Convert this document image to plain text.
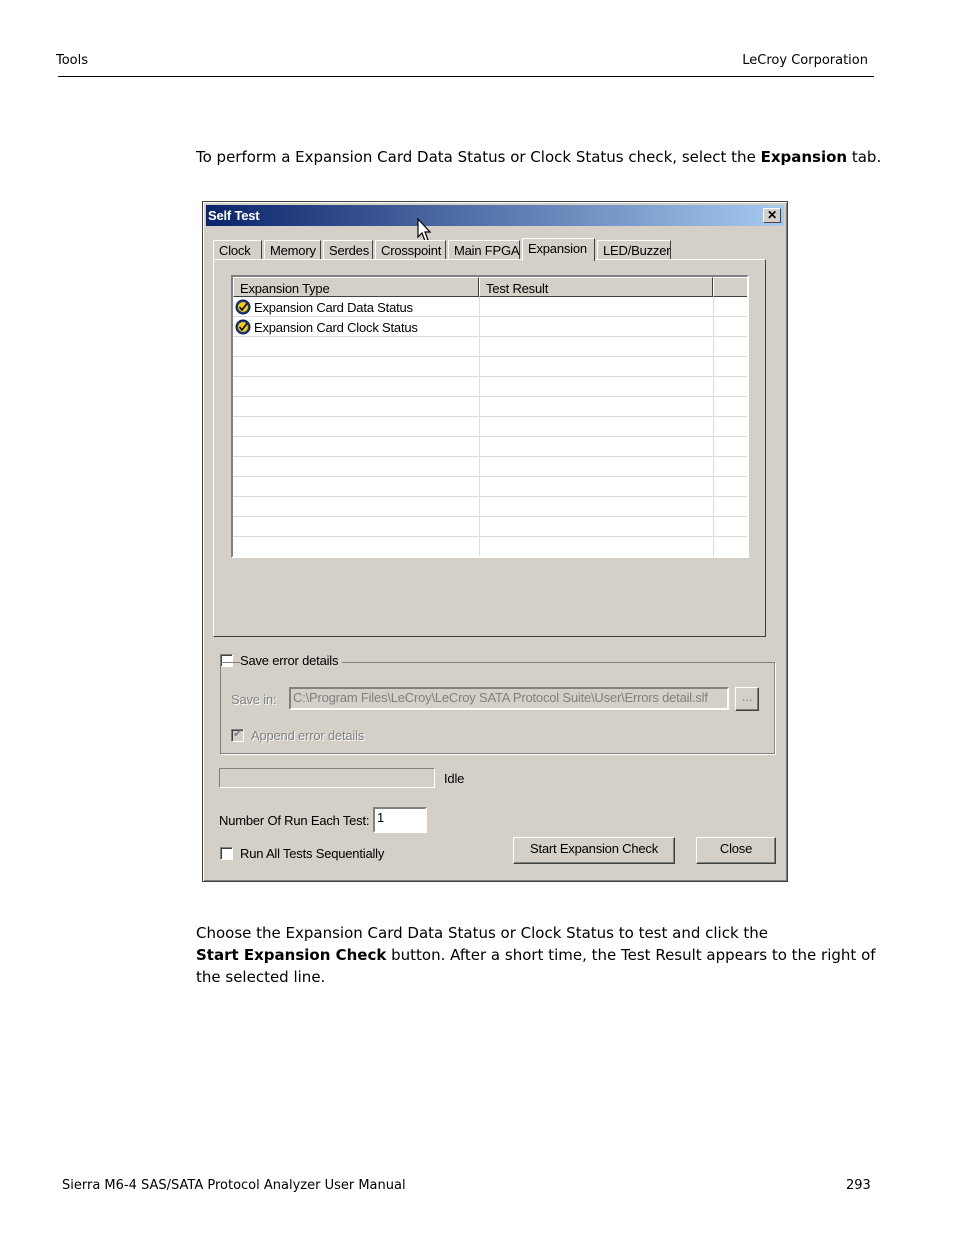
Tools	LeCroy Corporation

To perform a Expansion Card Data Status or Clock Status check, select the Expansion tab.

Self Test	✕
Clock	Memory	Serdes Crosspoint Main FPGA Expansion	LED/Buzzer
Expansion Type	Test Result
Expansion Card Data Status
Expansion Card Clock Status
Save error details
Save in:	C:\Program Files\LeCroy\LeCroy SATA Protocol Suite\User\Errors detail.slf	...
✔ Append error details
Idle
Number Of Run Each Test: 1
Run All Tests Sequentially	Start Expansion Check	Close
Choose the Expansion Card Data Status or Clock Status to test and click the
Start Expansion Check button. After a short time, the Test Result appears to the right of the selected line.
Sierra M6-4 SAS/SATA Protocol Analyzer User Manual	293
